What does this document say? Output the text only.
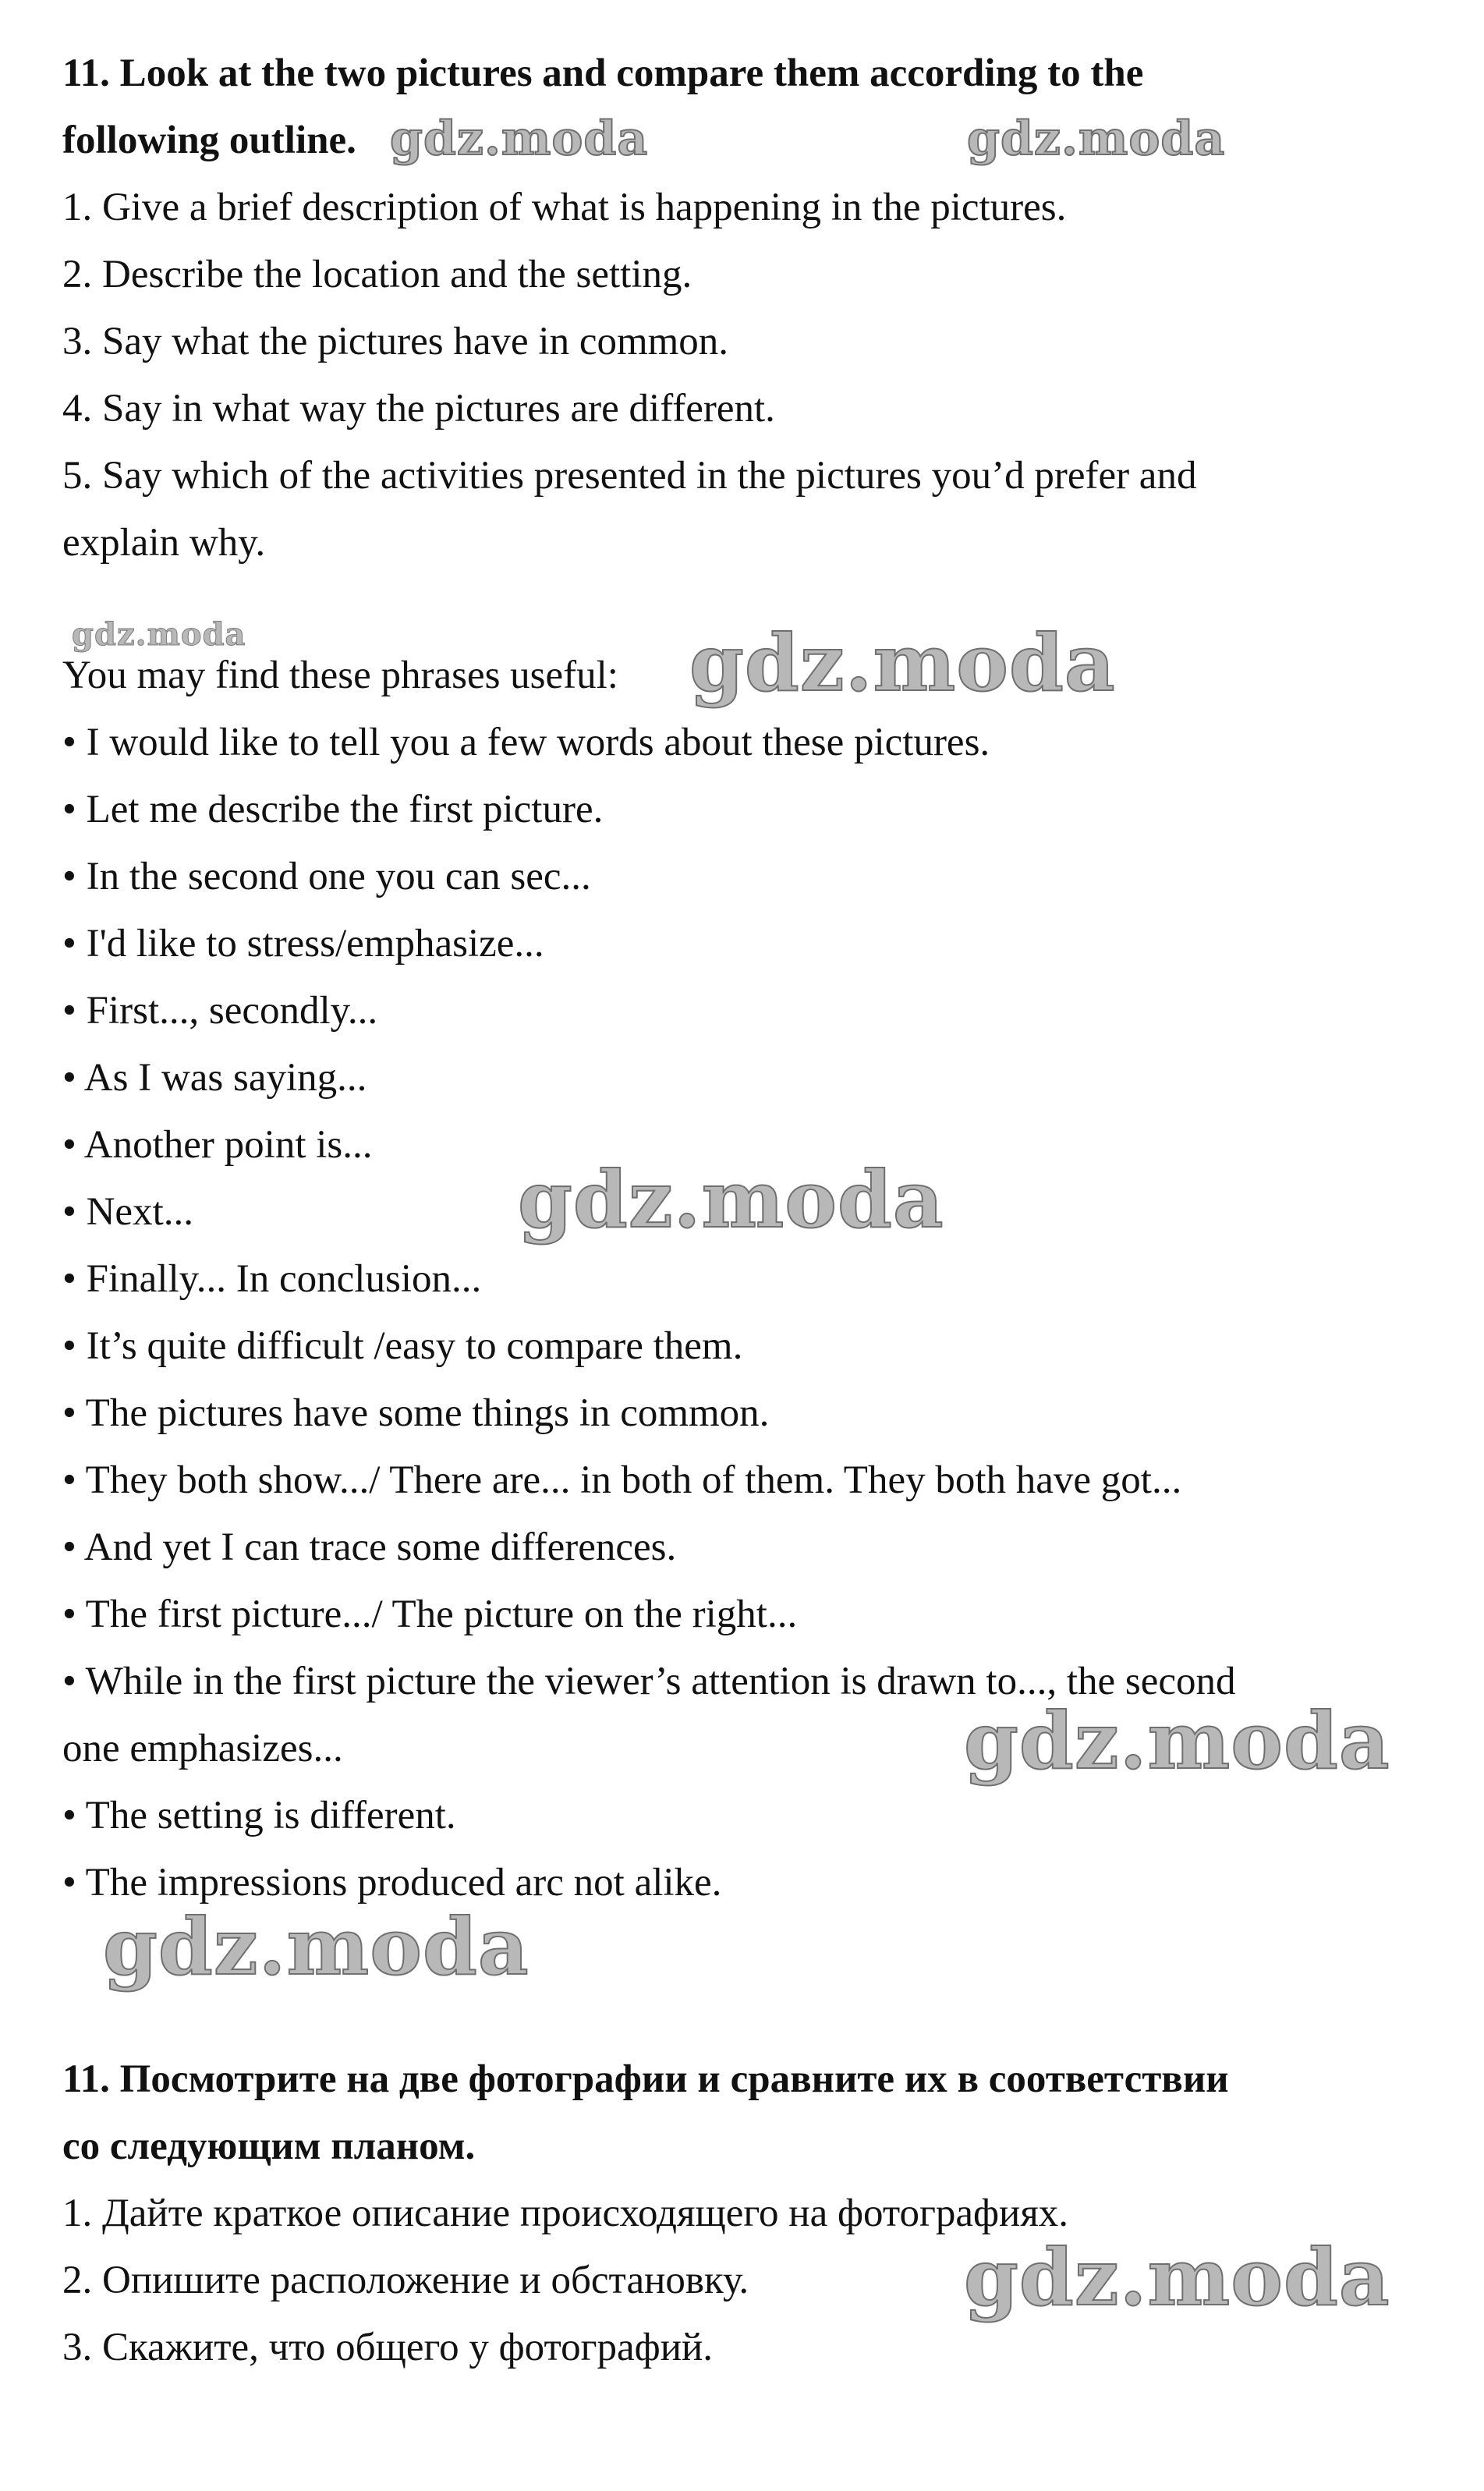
11. Look at the two pictures and compare them according to the
following outline.
1. Give a brief description of what is happening in the pictures.
2. Describe the location and the setting.
3. Say what the pictures have in common.
4. Say in what way the pictures are different.
5. Say which of the activities presented in the pictures you’d prefer and
explain why.
You may find these phrases useful:
• I would like to tell you a few words about these pictures.
• Let me describe the first picture.
• In the second one you can sec...
• I'd like to stress/emphasize...
• First..., secondly...
• As I was saying...
• Another point is...
• Next...
• Finally... In conclusion...
• It’s quite difficult /easy to compare them.
• The pictures have some things in common.
• They both show.../ There are... in both of them. They both have got...
• And yet I can trace some differences.
• The first picture.../ The picture on the right...
• While in the first picture the viewer’s attention is drawn to..., the second
one emphasizes...
• The setting is different.
• The impressions produced arc not alike.
11. Посмотрите на две фотографии и сравните их в соответствии
со следующим планом.
1. Дайте краткое описание происходящего на фотографиях.
2. Опишите расположение и обстановку.
3. Скажите, что общего у фотографий.
gdz.moda	gdz.moda
gdz.moda	gdz.moda
gdz.moda
gdz.moda
gdz.moda
gdz.moda
